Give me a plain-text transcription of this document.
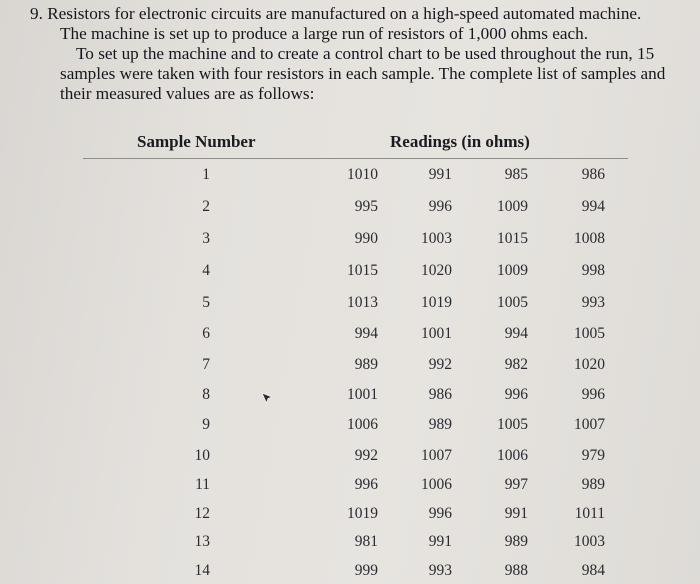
9. Resistors for electronic circuits are manufactured on a high-speed automated machine.

The machine is set up to produce a large run of resistors of 1,000 ohms each.

To set up the machine and to create a control chart to be used throughout the run, 15

samples were taken with four resistors in each sample. The complete list of samples and

their measured values are as follows:

Sample Number	Readings (in ohms)
1	1010	991	985	986
2	995	996	1009	994
3	990	1003	1015	1008
4	1015	1020	1009	998
5	1013	1019	1005	993
6	994	1001	994	1005
7	989	992	982	1020
8	1001	986	996	996
9	1006	989	1005	1007
10	992	1007	1006	979
11	996	1006	997	989
12	1019	996	991	1011
13	981	991	989	1003
14	999	993	988	984
